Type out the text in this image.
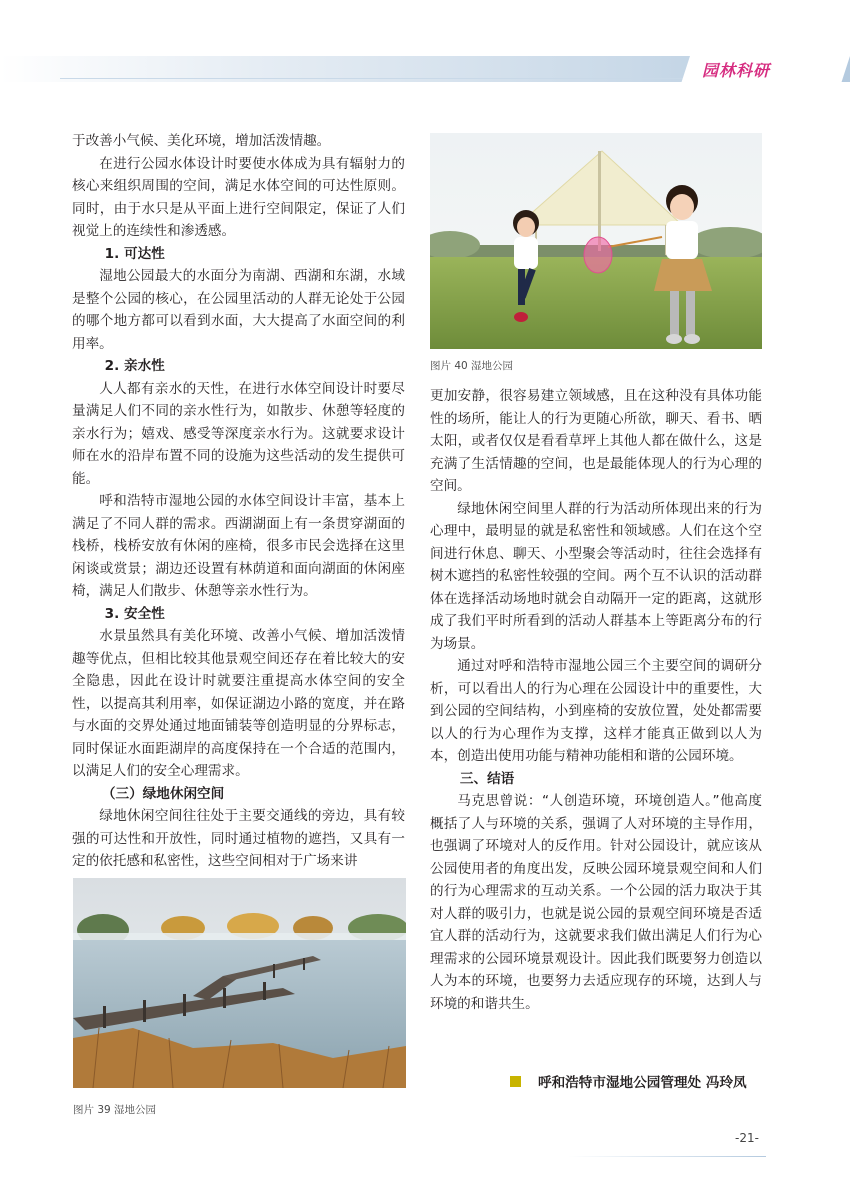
园林科研
图片 40 湿地公园

于改善小气候、美化环境，增加活泼情趣。

在进行公园水体设计时要使水体成为具有辐射力的核心来组织周围的空间，满足水体空间的可达性原则。同时，由于水只是从平面上进行空间限定，保证了人们视觉上的连续性和渗透感。

1. 可达性

湿地公园最大的水面分为南湖、西湖和东湖，水域是整个公园的核心，在公园里活动的人群无论处于公园的哪个地方都可以看到水面，大大提高了水面空间的利用率。

2. 亲水性

人人都有亲水的天性，在进行水体空间设计时要尽量满足人们不同的亲水性行为，如散步、休憩等轻度的亲水行为；嬉戏、感受等深度亲水行为。这就要求设计师在水的沿岸布置不同的设施为这些活动的发生提供可能。

呼和浩特市湿地公园的水体空间设计丰富，基本上满足了不同人群的需求。西湖湖面上有一条贯穿湖面的栈桥，栈桥安放有休闲的座椅，很多市民会选择在这里闲谈或赏景；湖边还设置有林荫道和面向湖面的休闲座椅，满足人们散步、休憩等亲水性行为。

3. 安全性

水景虽然具有美化环境、改善小气候、增加活泼情趣等优点，但相比较其他景观空间还存在着比较大的安全隐患，因此在设计时就要注重提高水体空间的安全性，以提高其利用率，如保证湖边小路的宽度，并在路与水面的交界处通过地面铺装等创造明显的分界标志，同时保证水面距湖岸的高度保持在一个合适的范围内，以满足人们的安全心理需求。

（三）绿地休闲空间

绿地休闲空间往往处于主要交通线的旁边，具有较强的可达性和开放性，同时通过植物的遮挡，又具有一定的依托感和私密性，这些空间相对于广场来讲

图片 39 湿地公园

更加安静，很容易建立领域感，且在这种没有具体功能性的场所，能让人的行为更随心所欲，聊天、看书、晒太阳，或者仅仅是看看草坪上其他人都在做什么，这是充满了生活情趣的空间，也是最能体现人的行为心理的空间。

绿地休闲空间里人群的行为活动所体现出来的行为心理中，最明显的就是私密性和领域感。人们在这个空间进行休息、聊天、小型聚会等活动时，往往会选择有树木遮挡的私密性较强的空间。两个互不认识的活动群体在选择活动场地时就会自动隔开一定的距离，这就形成了我们平时所看到的活动人群基本上等距离分布的行为场景。

通过对呼和浩特市湿地公园三个主要空间的调研分析，可以看出人的行为心理在公园设计中的重要性，大到公园的空间结构，小到座椅的安放位置，处处都需要以人的行为心理作为支撑，这样才能真正做到以人为本，创造出使用功能与精神功能相和谐的公园环境。

三、结语

马克思曾说：“人创造环境，环境创造人。”他高度概括了人与环境的关系，强调了人对环境的主导作用，也强调了环境对人的反作用。针对公园设计，就应该从公园使用者的角度出发，反映公园环境景观空间和人们的行为心理需求的互动关系。一个公园的活力取决于其对人群的吸引力，也就是说公园的景观空间环境是否适宜人群的活动行为，这就要求我们做出满足人们行为心理需求的公园环境景观设计。因此我们既要努力创造以人为本的环境，也要努力去适应现存的环境，达到人与环境的和谐共生。

呼和浩特市湿地公园管理处 冯玲凤
-21-
